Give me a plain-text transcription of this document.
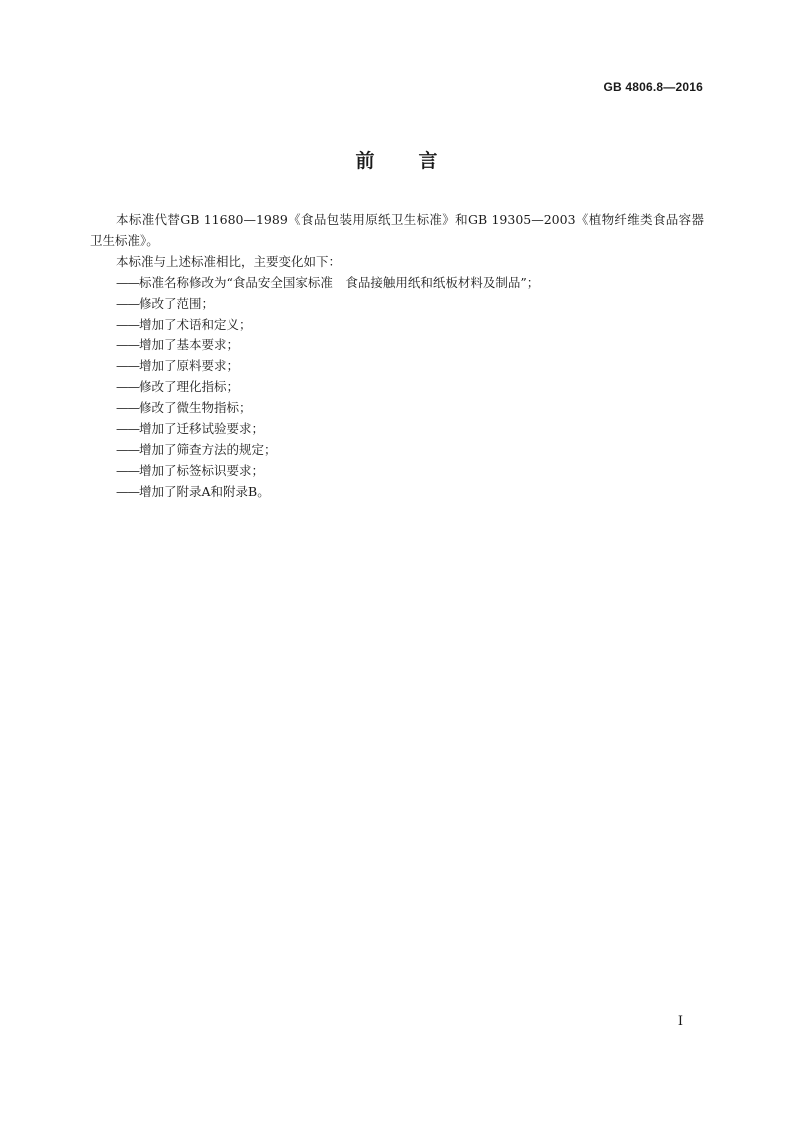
GB 4806.8—2016
前言

本标准代替GB 11680—1989《食品包装用原纸卫生标准》和GB 19305—2003《植物纤维类食品容器卫生标准》。

本标准与上述标准相比，主要变化如下：

——标准名称修改为“食品安全国家标准　食品接触用纸和纸板材料及制品”；
——修改了范围；
——增加了术语和定义；
——增加了基本要求；
——增加了原料要求；
——修改了理化指标；
——修改了微生物指标；
——增加了迁移试验要求；
——增加了筛查方法的规定；
——增加了标签标识要求；
——增加了附录A和附录B。
I
